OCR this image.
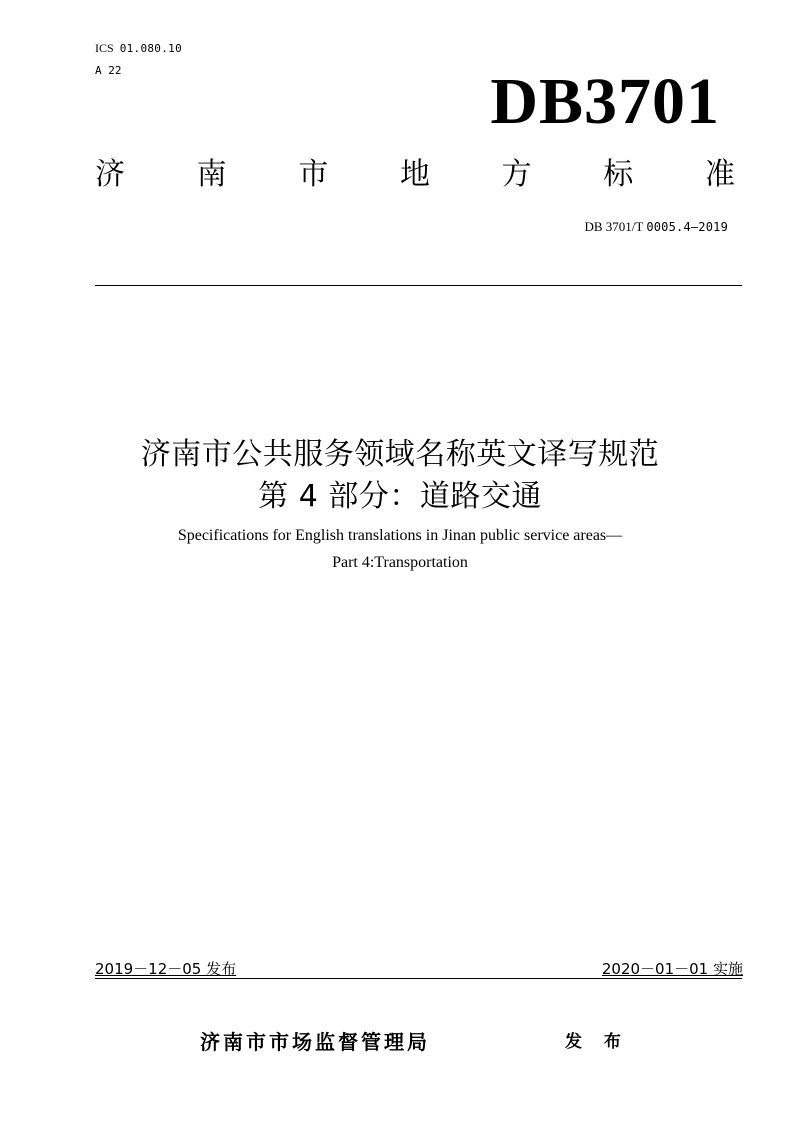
ICS 01.080.10
A 22	DB3701
济 南 市 地 方 标 准
DB 3701/T 0005.4—2019
济南市公共服务领域名称英文译写规范
第 4 部分：道路交通
Specifications for English translations in Jinan public service areas—
Part 4:Transportation
2019－12－05 发布	2020－01－01 实施
济南市市场监督管理局	发 布
